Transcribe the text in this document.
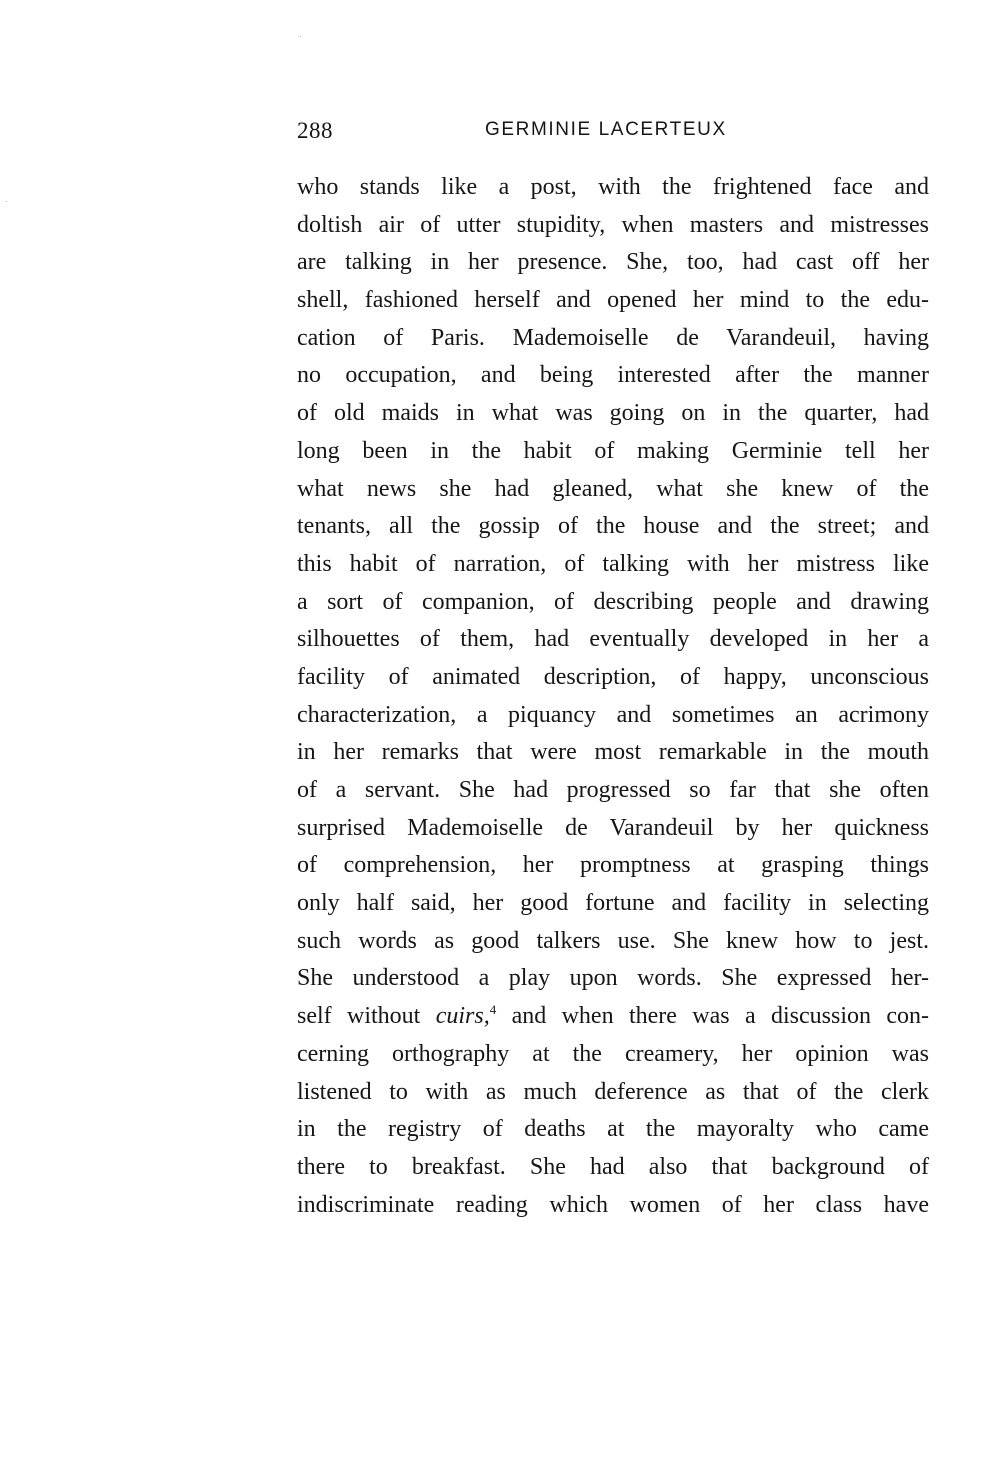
288	GERMINIE LACERTEUX
who stands like a post, with the frightened face and
doltish air of utter stupidity, when masters and mistresses
are talking in her presence. She, too, had cast off her
shell, fashioned herself and opened her mind to the edu-
cation of Paris. Mademoiselle de Varandeuil, having
no occupation, and being interested after the manner
of old maids in what was going on in the quarter, had
long been in the habit of making Germinie tell her
what news she had gleaned, what she knew of the
tenants, all the gossip of the house and the street; and
this habit of narration, of talking with her mistress like
a sort of companion, of describing people and drawing
silhouettes of them, had eventually developed in her a
facility of animated description, of happy, unconscious
characterization, a piquancy and sometimes an acrimony
in her remarks that were most remarkable in the mouth
of a servant. She had progressed so far that she often
surprised Mademoiselle de Varandeuil by her quickness
of comprehension, her promptness at grasping things
only half said, her good fortune and facility in selecting
such words as good talkers use. She knew how to jest.
She understood a play upon words. She expressed her-
self without cuirs,$^4$ and when there was a discussion con-
cerning orthography at the creamery, her opinion was
listened to with as much deference as that of the clerk
in the registry of deaths at the mayoralty who came
there to breakfast. She had also that background of
indiscriminate reading which women of her class have
